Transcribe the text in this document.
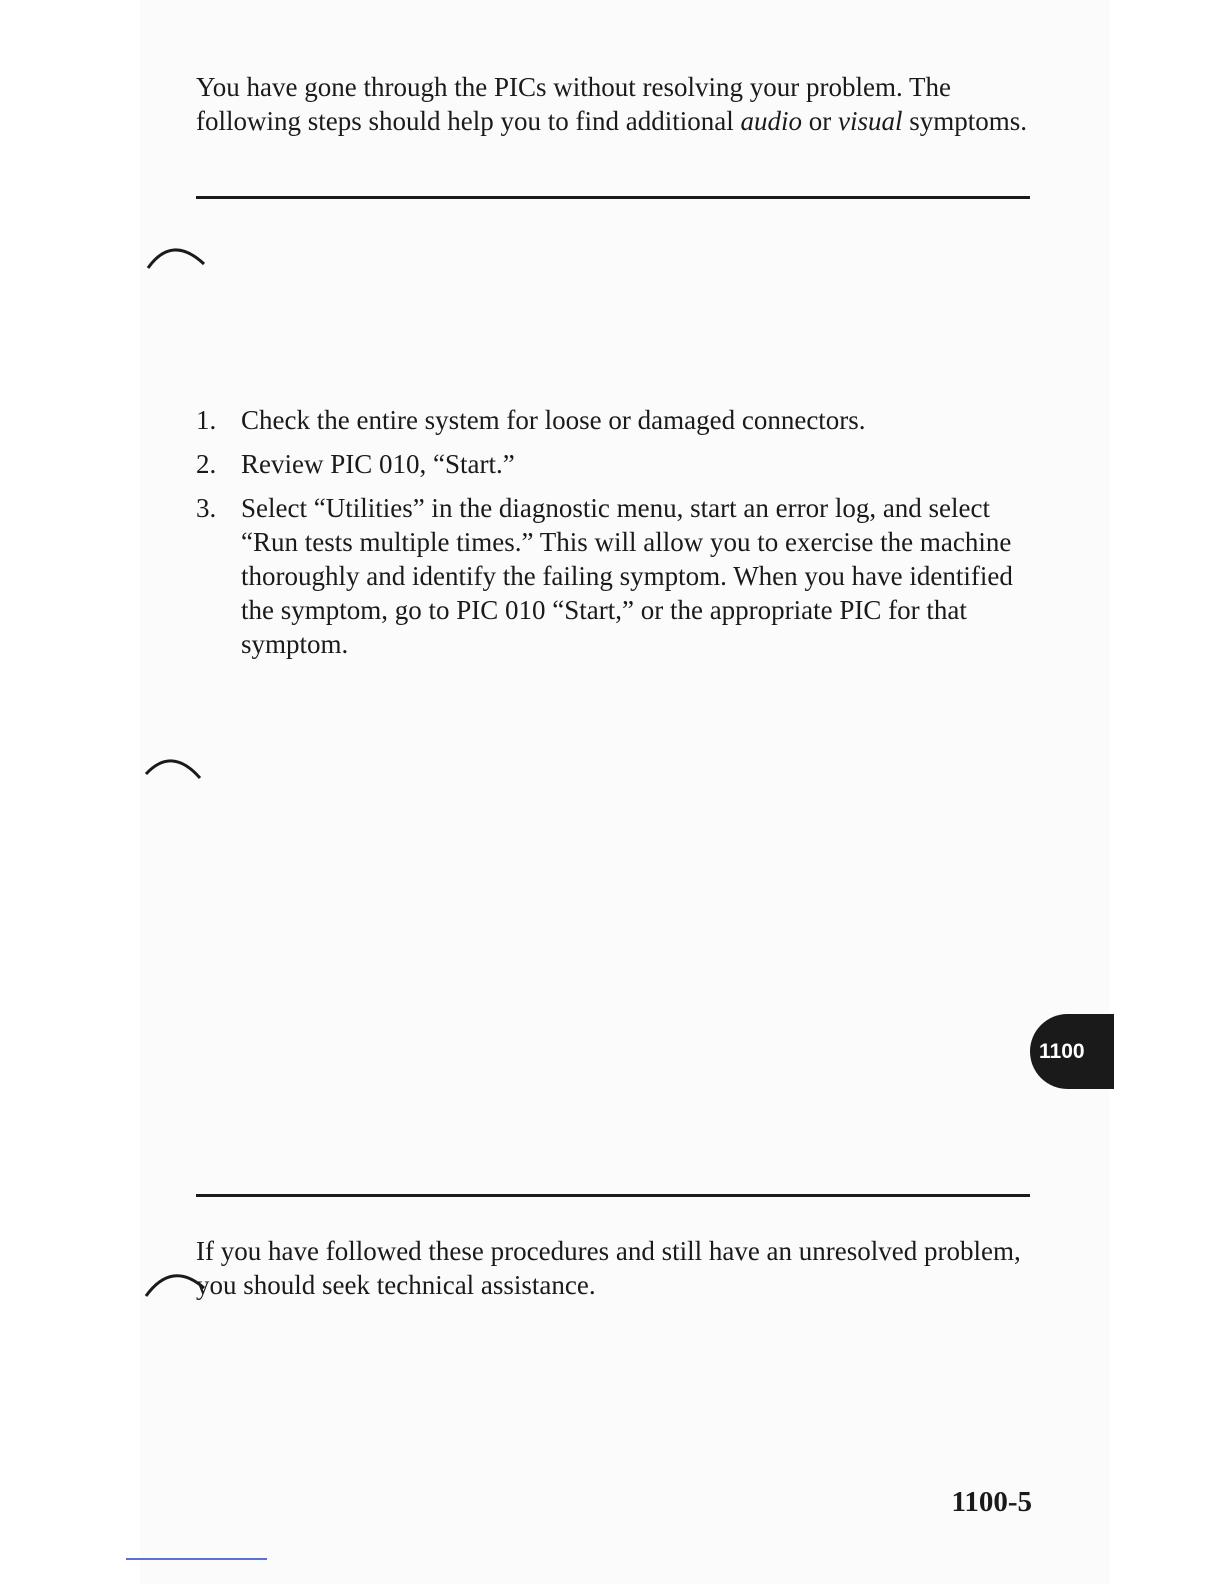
You have gone through the PICs without resolving your problem. The following steps should help you to find additional audio or visual symptoms.

1. Check the entire system for loose or damaged connectors.
2. Review PIC 010, “Start.”
3. Select “Utilities” in the diagnostic menu, start an error log, and select “Run tests multiple times.” This will allow you to exercise the machine thoroughly and identify the failing symptom. When you have identified the symptom, go to PIC 010 “Start,” or the appropriate PIC for that symptom.
1100

If you have followed these procedures and still have an unresolved problem, you should seek technical assistance.

1100-5
